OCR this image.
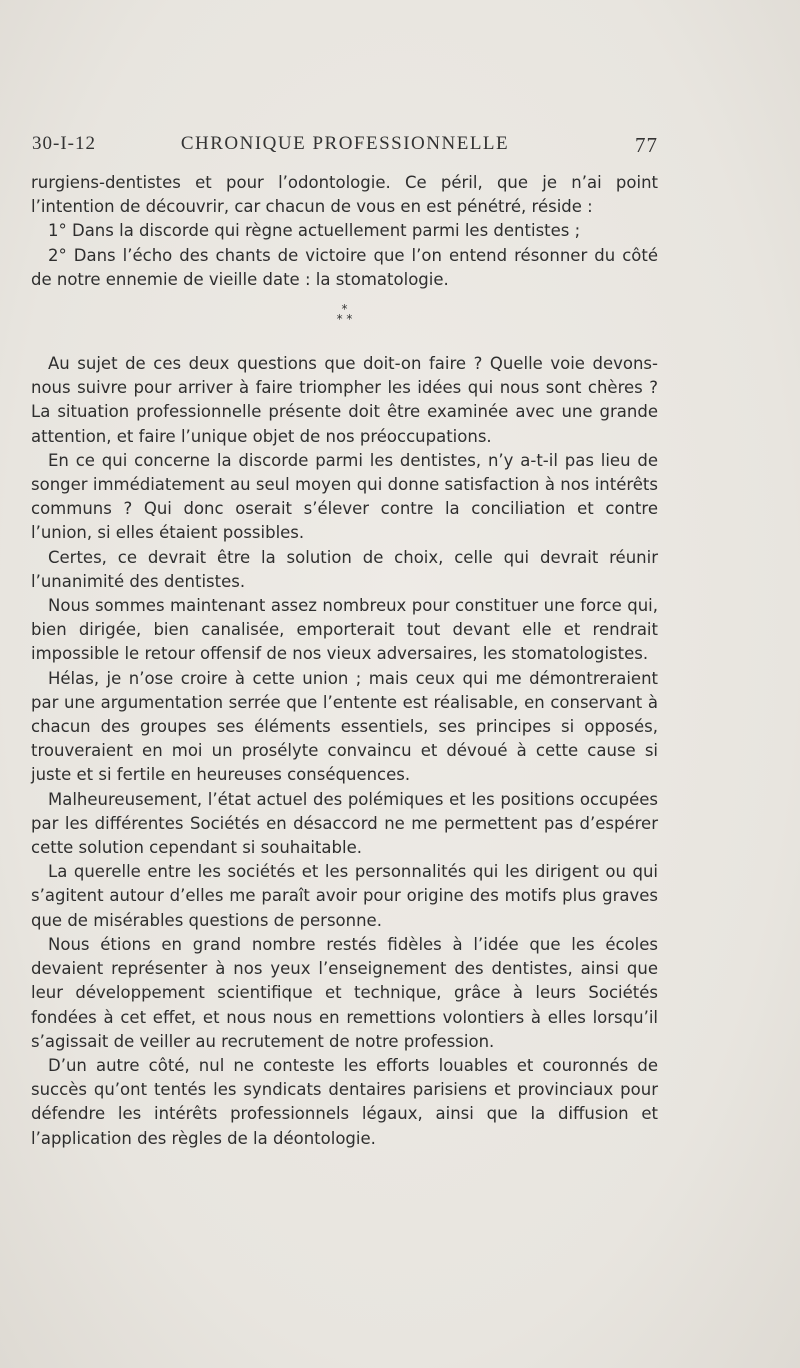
30-I-12	CHRONIQUE PROFESSIONNELLE	77

rurgiens-dentistes et pour l’odontologie. Ce péril, que je n’ai point l’intention de découvrir, car chacun de vous en est pénétré, réside :

1° Dans la discorde qui règne actuellement parmi les dentistes ;

2° Dans l’écho des chants de victoire que l’on entend résonner du côté de notre ennemie de vieille date : la stomatologie.

*
* *

Au sujet de ces deux questions que doit-on faire ? Quelle voie devons-nous suivre pour arriver à faire triompher les idées qui nous sont chères ? La situation professionnelle présente doit être examinée avec une grande attention, et faire l’unique objet de nos préoccupations.

En ce qui concerne la discorde parmi les dentistes, n’y a-t-il pas lieu de songer immédiatement au seul moyen qui donne satisfaction à nos intérêts communs ? Qui donc oserait s’élever contre la conciliation et contre l’union, si elles étaient possibles.

Certes, ce devrait être la solution de choix, celle qui devrait réunir l’unanimité des dentistes.

Nous sommes maintenant assez nombreux pour constituer une force qui, bien dirigée, bien canalisée, emporterait tout devant elle et rendrait impossible le retour offensif de nos vieux adversaires, les stomatologistes.

Hélas, je n’ose croire à cette union ; mais ceux qui me démontreraient par une argumentation serrée que l’entente est réalisable, en conservant à chacun des groupes ses éléments essentiels, ses principes si opposés, trouveraient en moi un prosélyte convaincu et dévoué à cette cause si juste et si fertile en heureuses conséquences.

Malheureusement, l’état actuel des polémiques et les positions occupées par les différentes Sociétés en désaccord ne me permettent pas d’espérer cette solution cependant si souhaitable.

La querelle entre les sociétés et les personnalités qui les dirigent ou qui s’agitent autour d’elles me paraît avoir pour origine des motifs plus graves que de misérables questions de personne.

Nous étions en grand nombre restés fidèles à l’idée que les écoles devaient représenter à nos yeux l’enseignement des dentistes, ainsi que leur développement scientifique et technique, grâce à leurs Sociétés fondées à cet effet, et nous nous en remettions volontiers à elles lorsqu’il s’agissait de veiller au recrutement de notre profession.

D’un autre côté, nul ne conteste les efforts louables et couronnés de succès qu’ont tentés les syndicats dentaires parisiens et provinciaux pour défendre les intérêts professionnels légaux, ainsi que la diffusion et l’application des règles de la déontologie.
